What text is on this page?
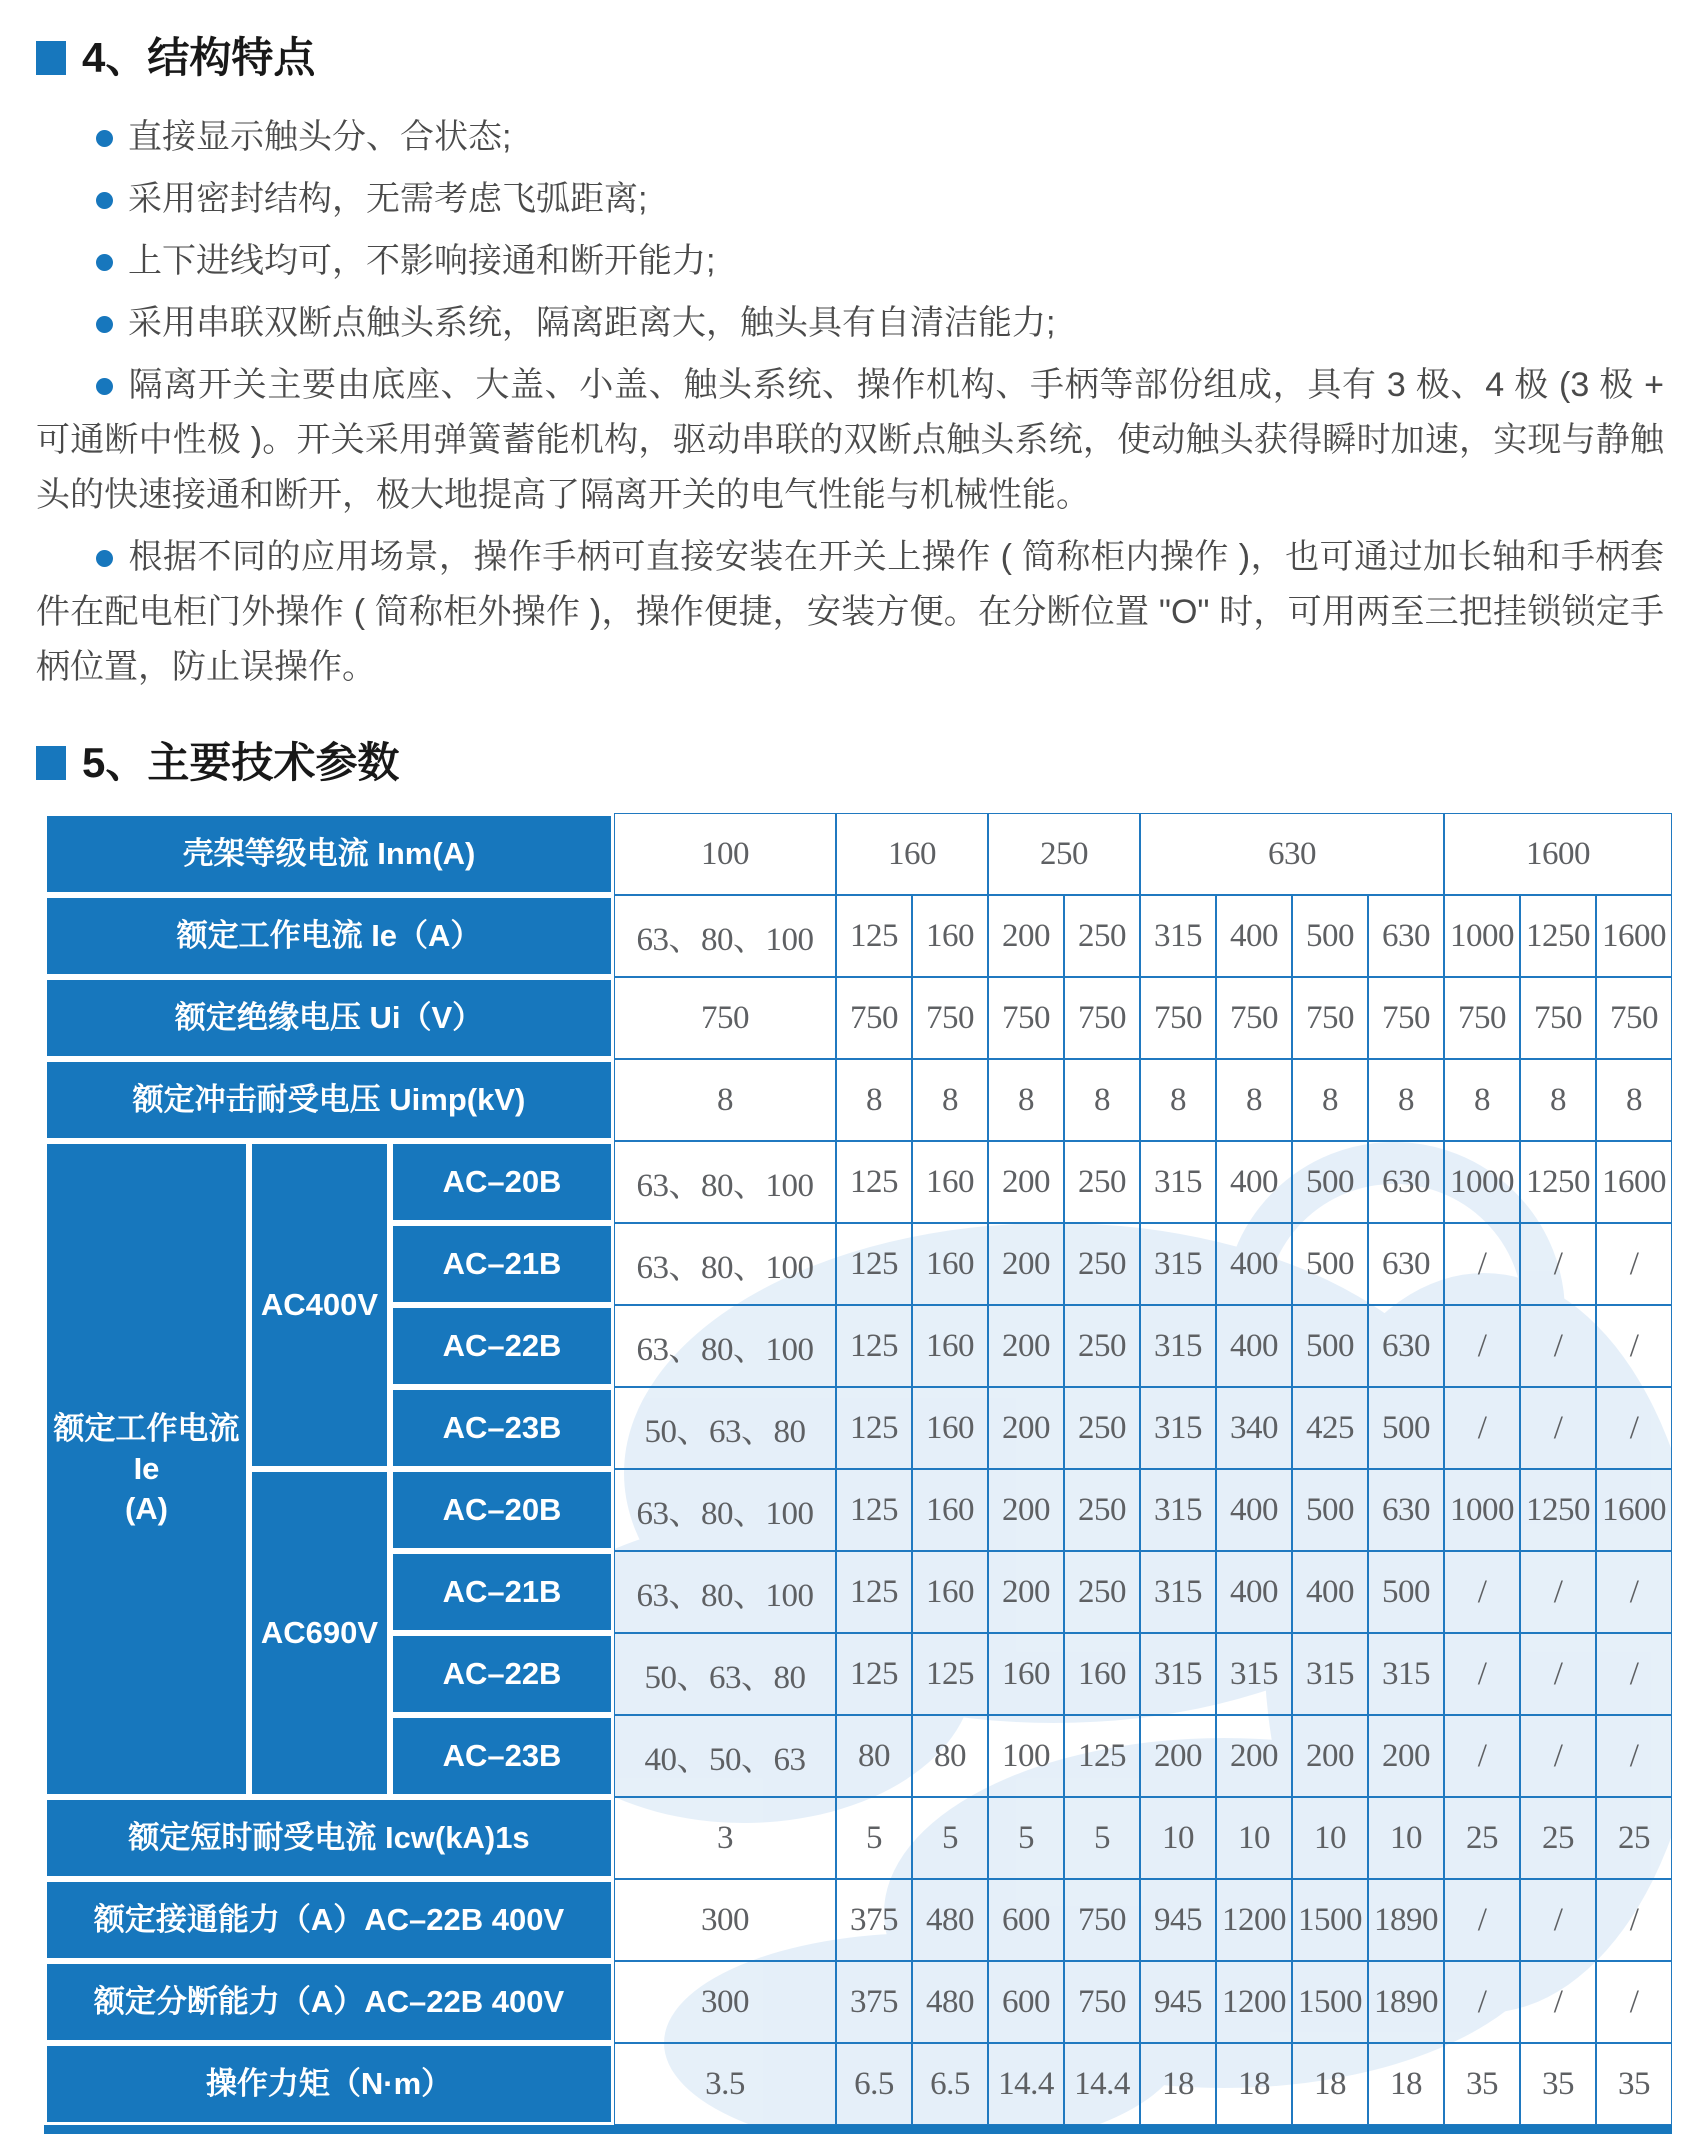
4、结构特点

直接显示触头分、合状态;

采用密封结构，无需考虑飞弧距离;

上下进线均可，不影响接通和断开能力;

采用串联双断点触头系统，隔离距离大，触头具有自清洁能力;

隔离开关主要由底座、大盖、小盖、触头系统、操作机构、手柄等部份组成，具有 3 极、4 极 (3 极 + 可通断中性极 )。开关采用弹簧蓄能机构，驱动串联的双断点触头系统，使动触头获得瞬时加速，实现与静触头的快速接通和断开，极大地提高了隔离开关的电气性能与机械性能。

根据不同的应用场景，操作手柄可直接安装在开关上操作 ( 简称柜内操作 )，也可通过加长轴和手柄套件在配电柜门外操作 ( 简称柜外操作 )，操作便捷，安装方便。在分断位置 "O" 时，可用两至三把挂锁锁定手柄位置，防止误操作。

5、主要技术参数
壳架等级电流 Inm(A)			100	160		250		630				1600		
额定工作电流 Ie（A）			63、80、100	125	160	200	250	315	400	500	630	1000	1250	1600
额定绝缘电压 Ui（V）			750	750	750	750	750	750	750	750	750	750	750	750
额定冲击耐受电压 Uimp(kV)			8	8	8	8	8	8	8	8	8	8	8	8
额定工作电流
Ie
(A)	AC400V	AC–20B	63、80、100	125	160	200	250	315	400	500	630	1000	1250	1600
		AC–21B	63、80、100	125	160	200	250	315	400	500	630	/	/	/
		AC–22B	63、80、100	125	160	200	250	315	400	500	630	/	/	/
		AC–23B	50、63、80	125	160	200	250	315	340	425	500	/	/	/
	AC690V	AC–20B	63、80、100	125	160	200	250	315	400	500	630	1000	1250	1600
		AC–21B	63、80、100	125	160	200	250	315	400	400	500	/	/	/
		AC–22B	50、63、80	125	125	160	160	315	315	315	315	/	/	/
		AC–23B	40、50、63	80	80	100	125	200	200	200	200	/	/	/
额定短时耐受电流 Icw(kA)1s			3	5	5	5	5	10	10	10	10	25	25	25
额定接通能力（A）AC–22B 400V			300	375	480	600	750	945	1200	1500	1890	/	/	/
额定分断能力（A）AC–22B 400V			300	375	480	600	750	945	1200	1500	1890	/	/	/
操作力矩（N·m）			3.5	6.5	6.5	14.4	14.4	18	18	18	18	35	35	35
